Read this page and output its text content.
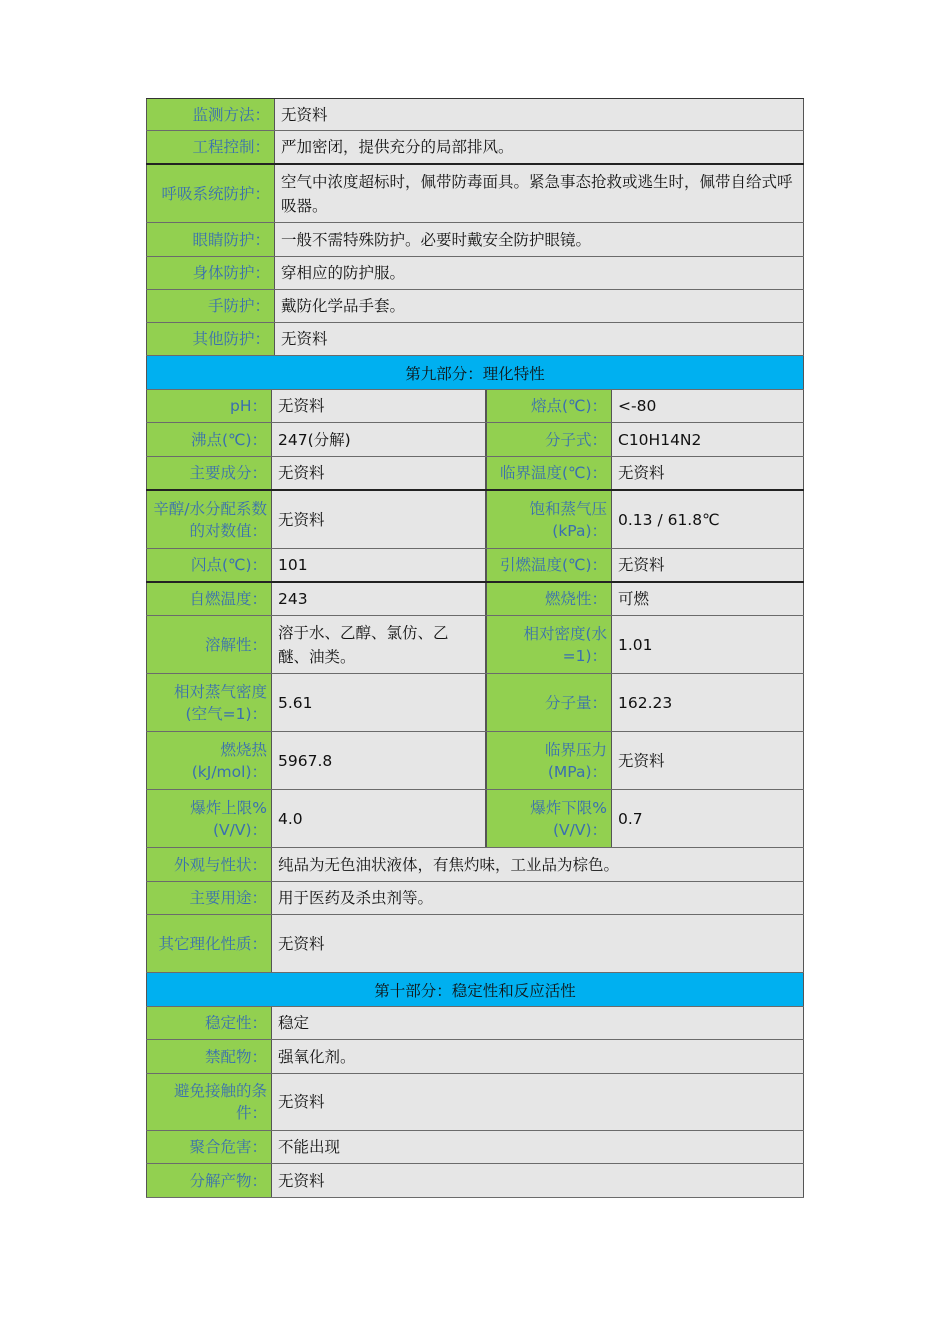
监测方法： 无资料
工程控制： 严加密闭，提供充分的局部排风。
呼吸系统防护：
空气中浓度超标时，佩带防毒面具。紧急事态抢救或逃生时，佩带自给式呼吸器。
眼睛防护： 一般不需特殊防护。必要时戴安全防护眼镜。
身体防护： 穿相应的防护服。
手防护： 戴防化学品手套。
其他防护： 无资料
第九部分：理化特性
pH： 无资料	熔点(℃)： <-80
沸点(℃)： 247(分解)	分子式： C10H14N2
主要成分： 无资料	临界温度(℃)： 无资料
辛醇/水分配系数的对数值：
无资料
饱和蒸气压(kPa)：
0.13 / 61.8℃
闪点(℃)： 101	引燃温度(℃)： 无资料
自燃温度： 243	燃烧性： 可燃
溶解性：
溶于水、乙醇、氯仿、乙醚、油类。
相对密度(水=1)：
1.01
相对蒸气密度(空气=1)：
5.61	分子量： 162.23
燃烧热(kJ/mol)：
5967.8
临界压力(MPa)：
无资料
爆炸上限%(V/V)：
4.0
爆炸下限%(V/V)：
0.7
外观与性状： 纯品为无色油状液体，有焦灼味，工业品为棕色。
主要用途： 用于医药及杀虫剂等。
其它理化性质： 无资料
第十部分：稳定性和反应活性
稳定性： 稳定
禁配物： 强氧化剂。
避免接触的条件：
无资料
聚合危害： 不能出现
分解产物： 无资料
